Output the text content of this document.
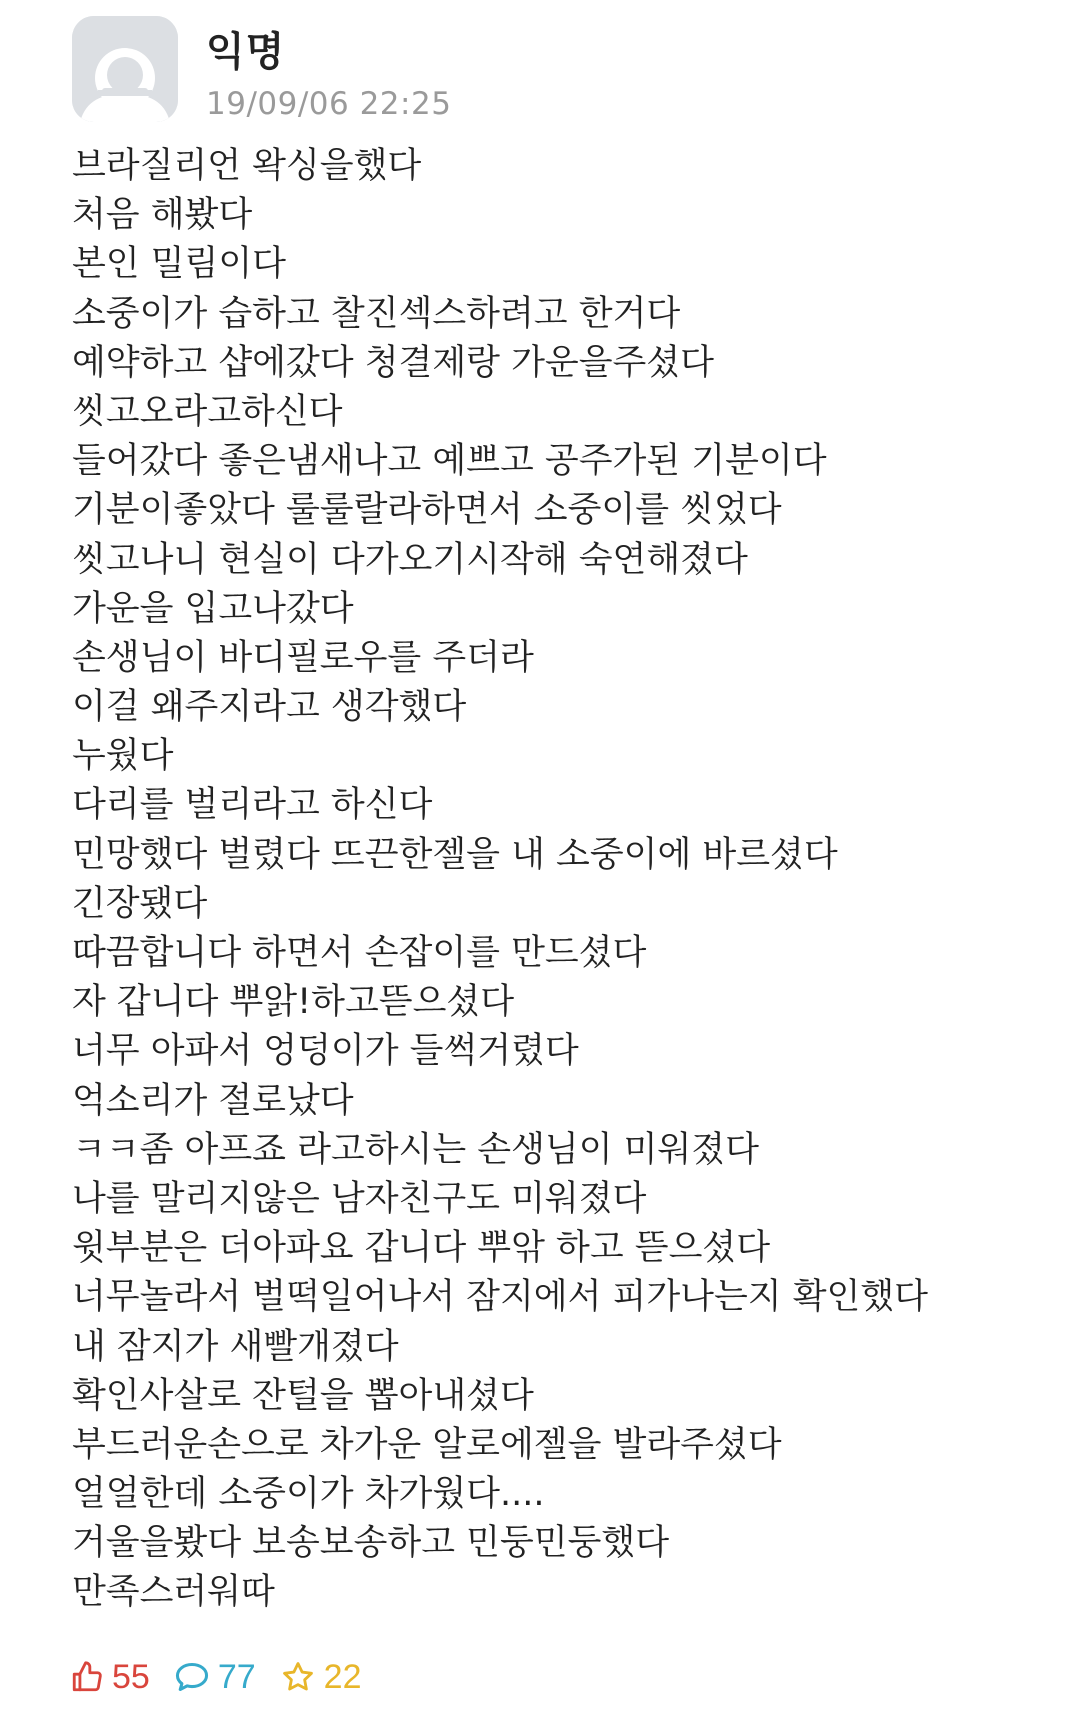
익명
19/09/06 22:25
브라질리언 왁싱을했다
처음 해봤다
본인 밀림이다
소중이가 습하고 찰진섹스하려고 한거다
예약하고 샵에갔다 청결제랑 가운을주셨다
씻고오라고하신다
들어갔다 좋은냄새나고 예쁘고 공주가된 기분이다
기분이좋았다 룰룰랄라하면서 소중이를 씻었다
씻고나니 현실이 다가오기시작해 숙연해졌다
가운을 입고나갔다
손생님이 바디필로우를 주더라
이걸 왜주지라고 생각했다
누웠다
다리를 벌리라고 하신다
민망했다 벌렸다 뜨끈한젤을 내 소중이에 바르셨다
긴장됐다
따끔합니다 하면서 손잡이를 만드셨다
자 갑니다 뿌앍!하고뜯으셨다
너무 아파서 엉덩이가 들썩거렸다
억소리가 절로났다
ㅋㅋ좀 아프죠 라고하시는 손생님이 미워졌다
나를 말리지않은 남자친구도 미워졌다
윗부분은 더아파요 갑니다 뿌앆 하고 뜯으셨다
너무놀라서 벌떡일어나서 잠지에서 피가나는지 확인했다
내 잠지가 새빨개졌다
확인사살로 잔털을 뽑아내셨다
부드러운손으로 차가운 알로에젤을 발라주셨다
얼얼한데 소중이가 차가웠다....
거울을봤다 보송보송하고 민둥민둥했다
만족스러워따
55 77 22
